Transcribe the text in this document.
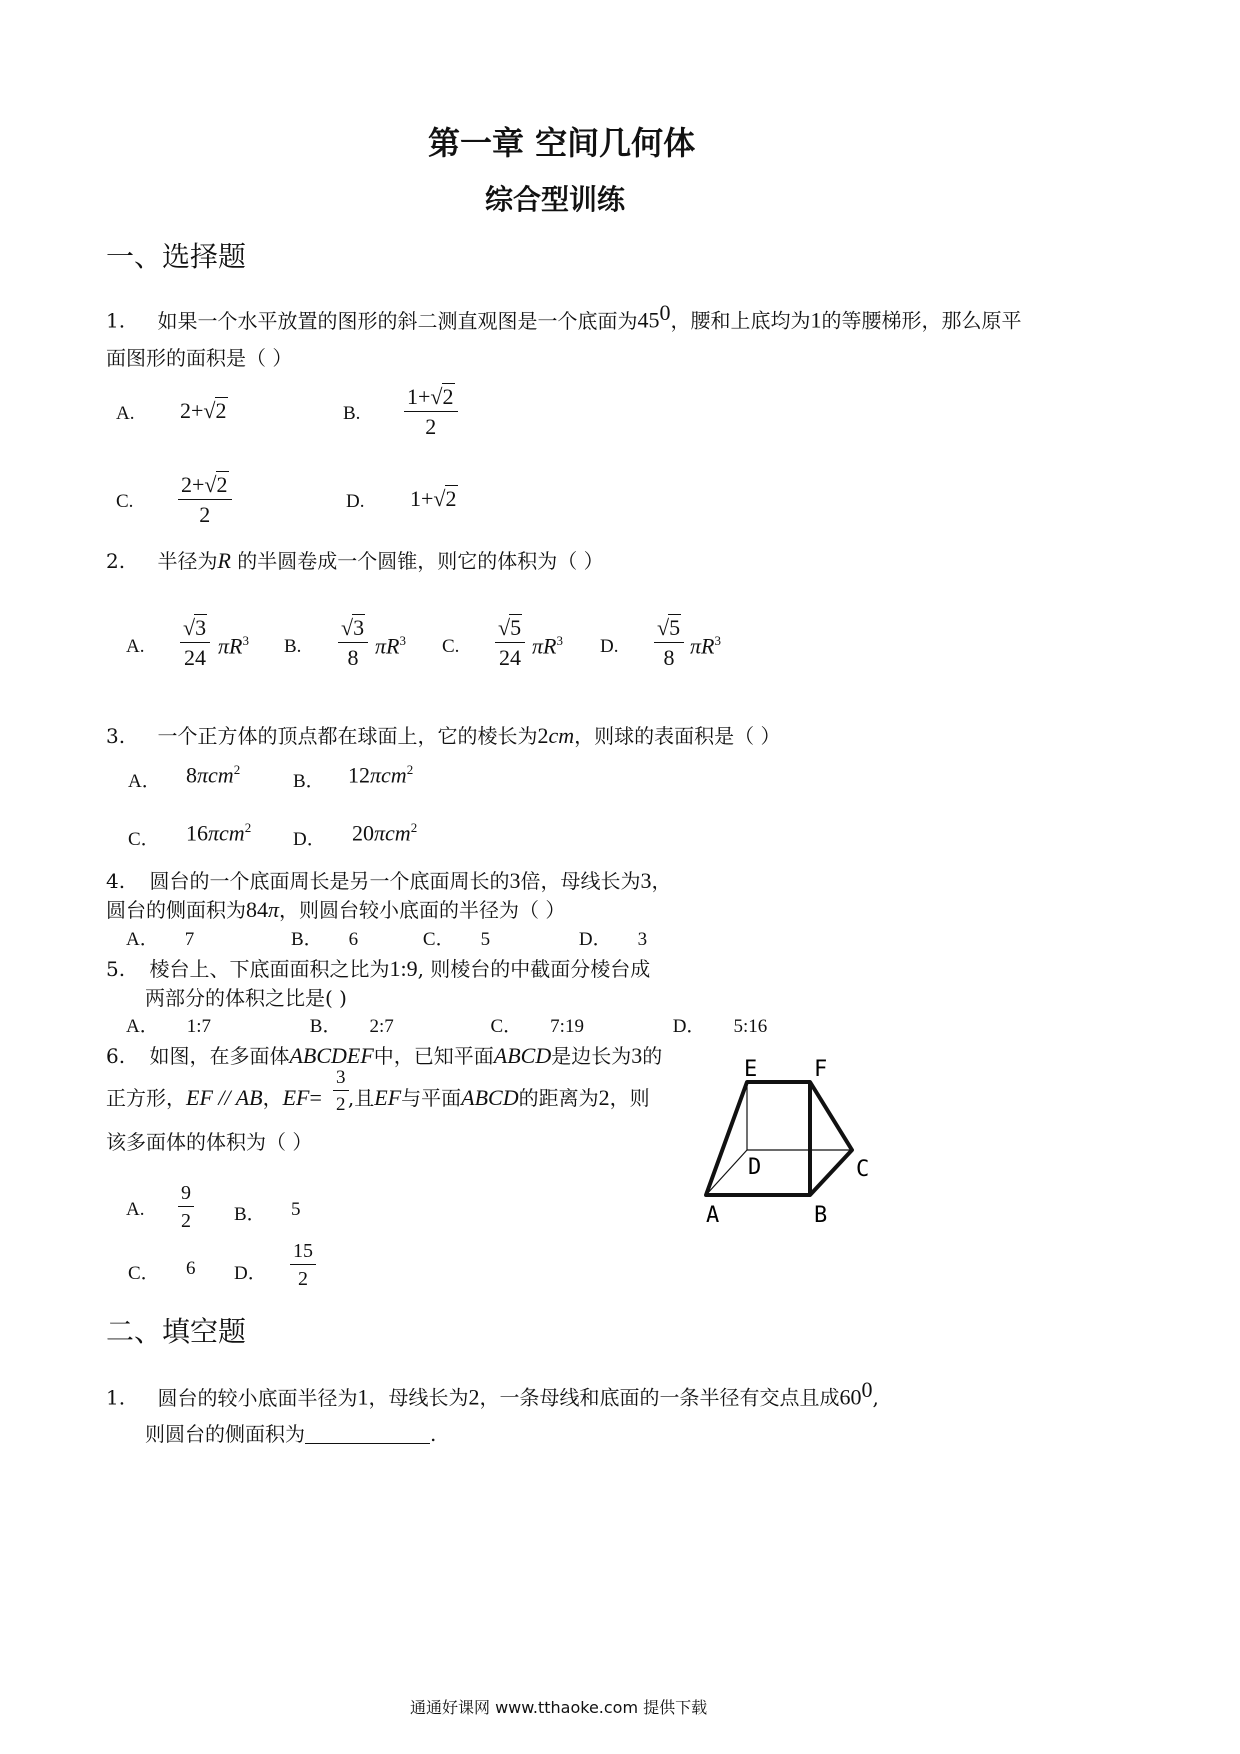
第一章 空间几何体
综合型训练
一、选择题
1. 如果一个水平放置的图形的斜二测直观图是一个底面为$45^0$，腰和上底均为1的等腰梯形，那么原平
面图形的面积是（ ）
A. 2+√2	B. $\frac{1+√2}{2}$
C. $\frac{2+√2}{2}$	D. 1+√2
2. 半径为R 的半圆卷成一个圆锥，则它的体积为（ ）
A. $\frac{√3}{24} \pi R^3$ B. $\frac{√3}{8} \pi R^3$ C. $\frac{√5}{24} \pi R^3$ D. $\frac{√5}{8} \pi R^3$
3. 一个正方体的顶点都在球面上，它的棱长为2cm，则球的表面积是（ ）
A． 8πcm$^2$
B． 12πcm$^2$
C． 16πcm$^2$
D． 20πcm$^2$
4. 圆台的一个底面周长是另一个底面周长的3倍，母线长为3，
圆台的侧面积为84π，则圆台较小底面的半径为（ ）
A． 7	B． 6	C． 5	D． 3
5. 棱台上、下底面面积之比为1:9, 则棱台的中截面分棱台成
两部分的体积之比是( )
A． 1:7	B． 2:7	C． 7:19	D． 5:16
6. 如图，在多面体ABCDEF中，已知平面ABCD是边长为3的
正方形，EF // AB，EF= ,且EF与平面ABCD的距离为2，则
$\frac{3}{2}$
该多面体的体积为（ ）
A. $\frac{9}{2}$ B． 5
C． 6 D． $\frac{15}{2}$
E	F
D	C
A	B
二、填空题
1. 圆台的较小底面半径为1，母线长为2，一条母线和底面的一条半径有交点且成$60^0$,
则圆台的侧面积为	.
通通好课网 www.tthaoke.com 提供下载
